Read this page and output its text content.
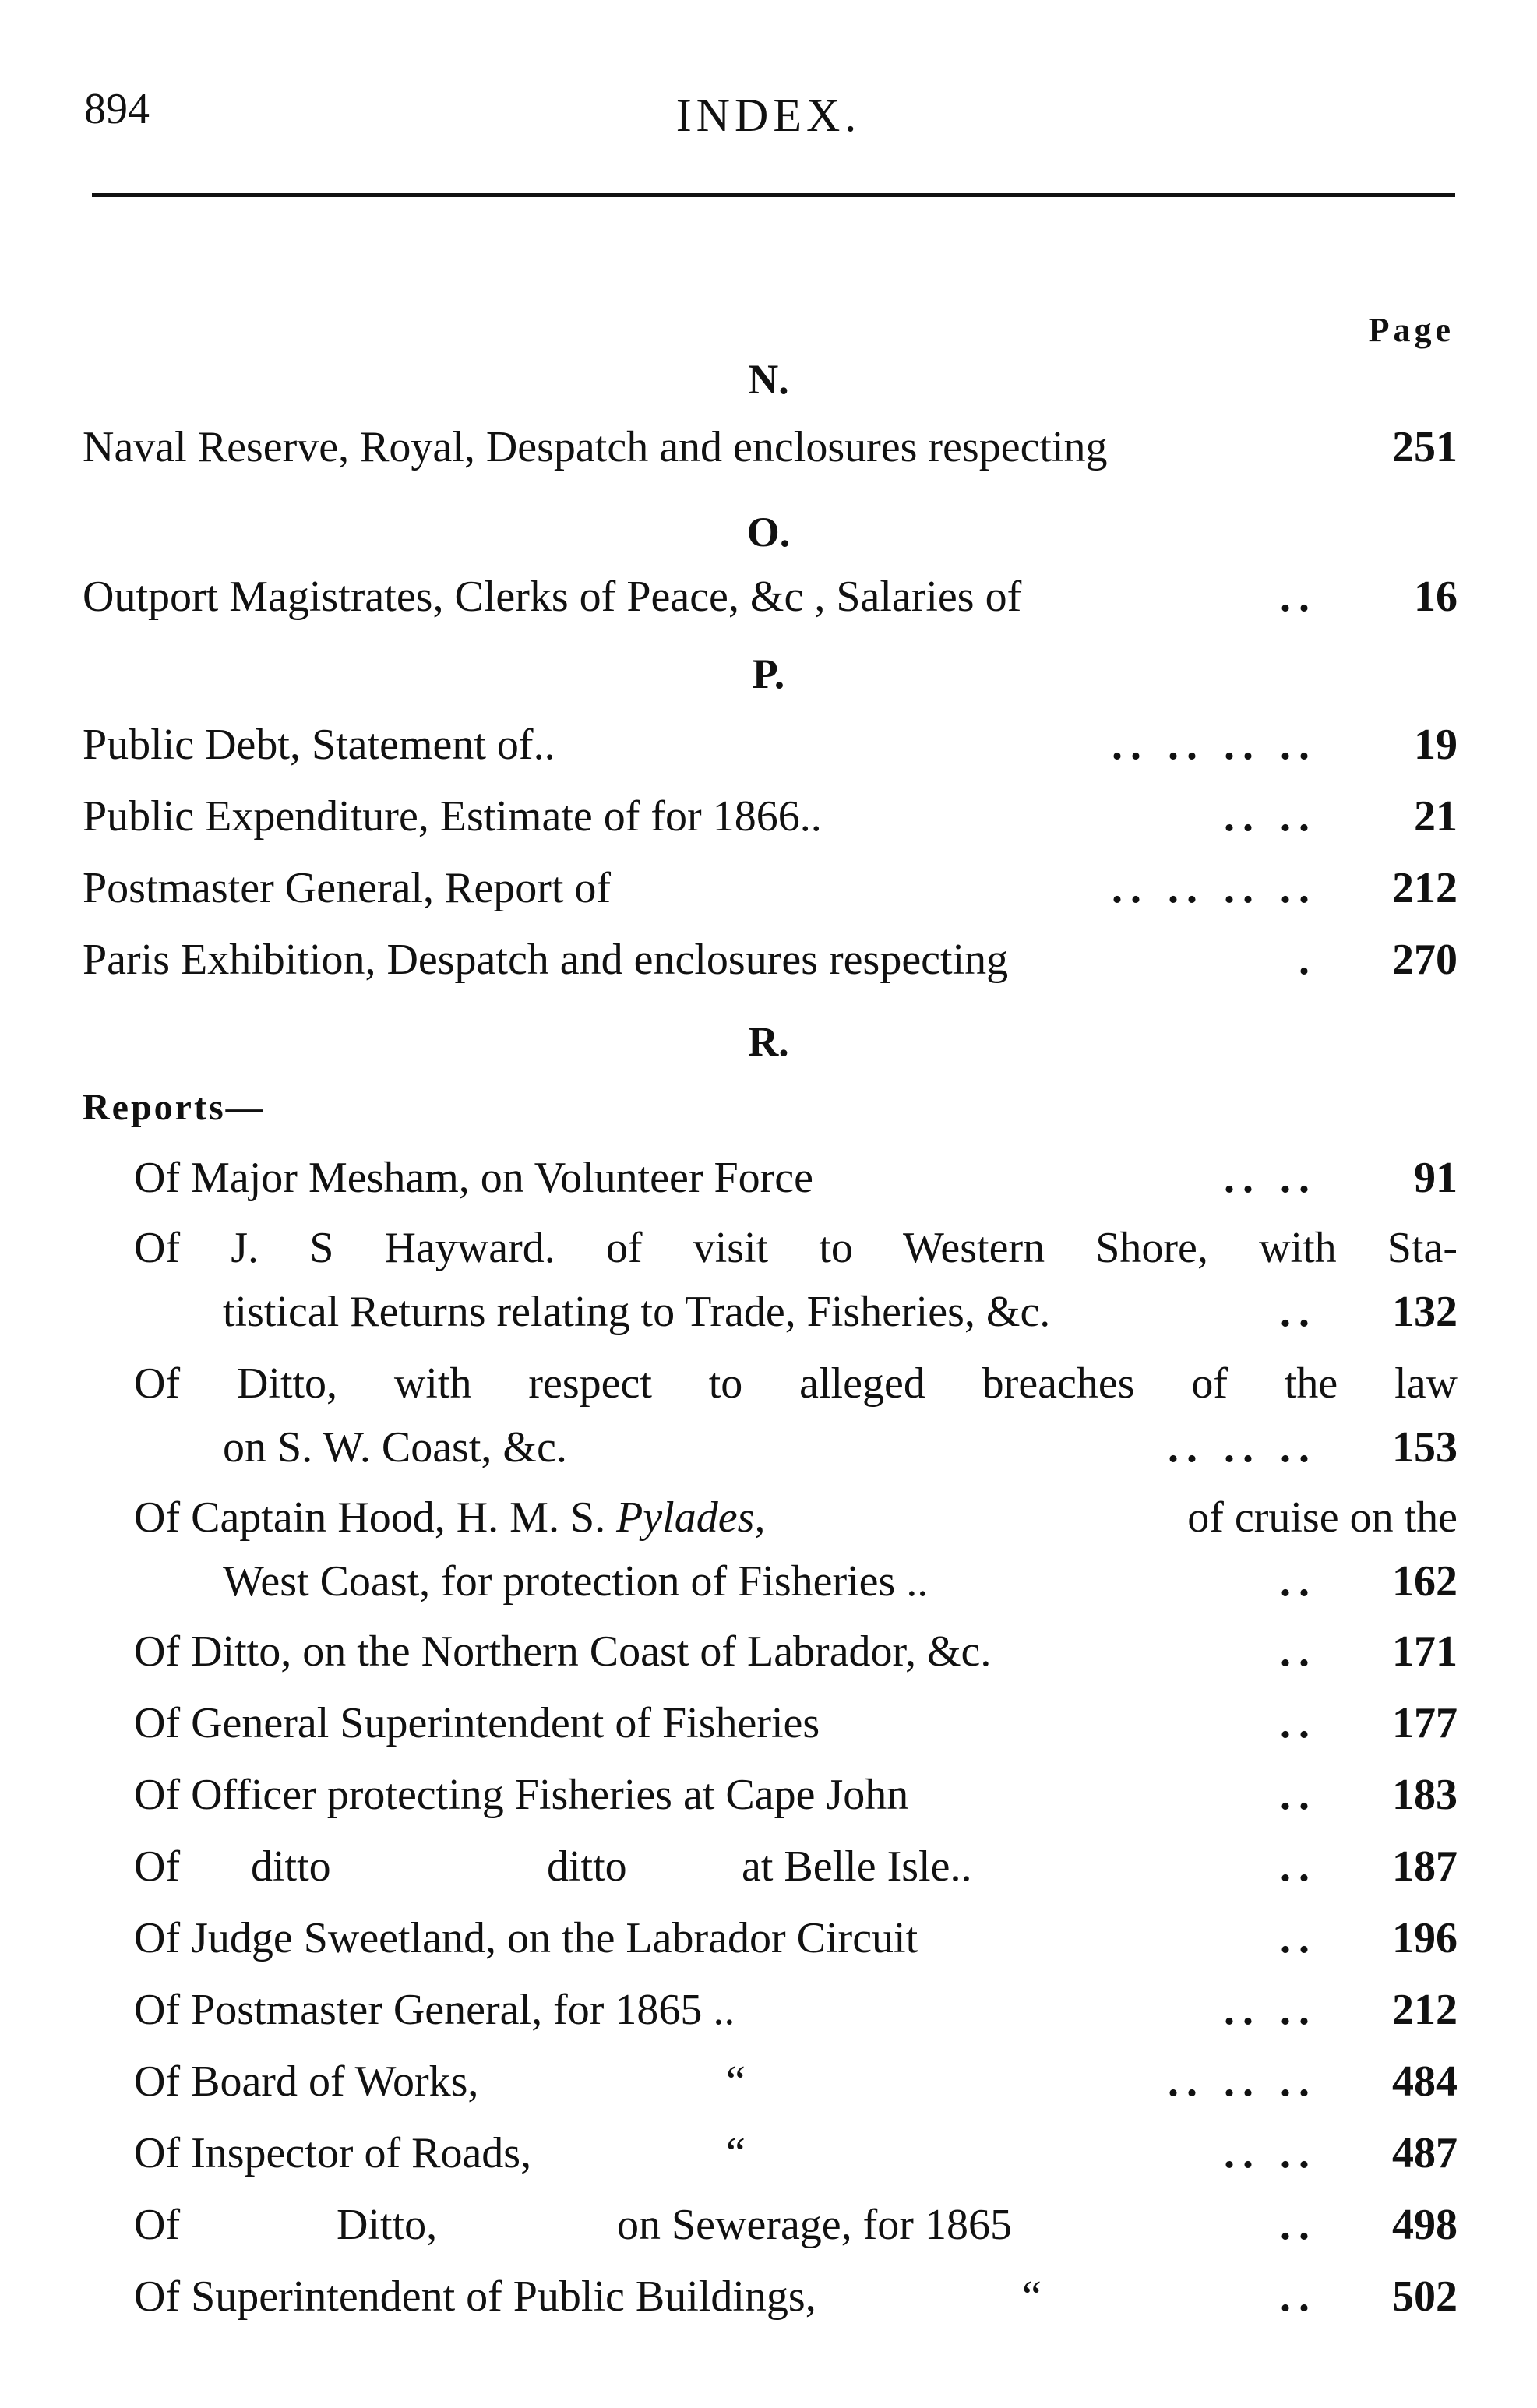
894	INDEX.
Page
N.
Naval Reserve, Royal, Despatch and enclosures respecting	251
O.
Outport Magistrates, Clerks of Peace, &c , Salaries of	..	16
P.
Public Debt, Statement of..	.. .. .. ..	19
Public Expenditure, Estimate of for 1866..	.. ..	21
Postmaster General, Report of	.. .. .. ..	212
Paris Exhibition, Despatch and enclosures respecting	.	270
R.
Reports—
Of Major Mesham, on Volunteer Force	.. ..	91
Of J. S Hayward. of visit to Western Shore, with Sta-
tistical Returns relating to Trade, Fisheries, &c.	..	132
Of Ditto, with respect to alleged breaches of the law
on S. W. Coast, &c.	.. .. ..	153
Of Captain Hood, H. M. S. Pylades,	of cruise on the
West Coast, for protection of Fisheries ..	..	162
Of Ditto, on the Northern Coast of Labrador, &c.	..	171
Of General Superintendent of Fisheries	..	177
Of Officer protecting Fisheries at Cape John	..	183
Of	ditto	ditto	at Belle Isle..	..	187
Of Judge Sweetland, on the Labrador Circuit	..	196
Of Postmaster General, for 1865 ..	.. ..	212
Of Board of Works,	“	.. .. ..	484
Of Inspector of Roads,	“	.. ..	487
Of	Ditto,	on Sewerage, for 1865	..	498
Of Superintendent of Public Buildings,	“	..	502
